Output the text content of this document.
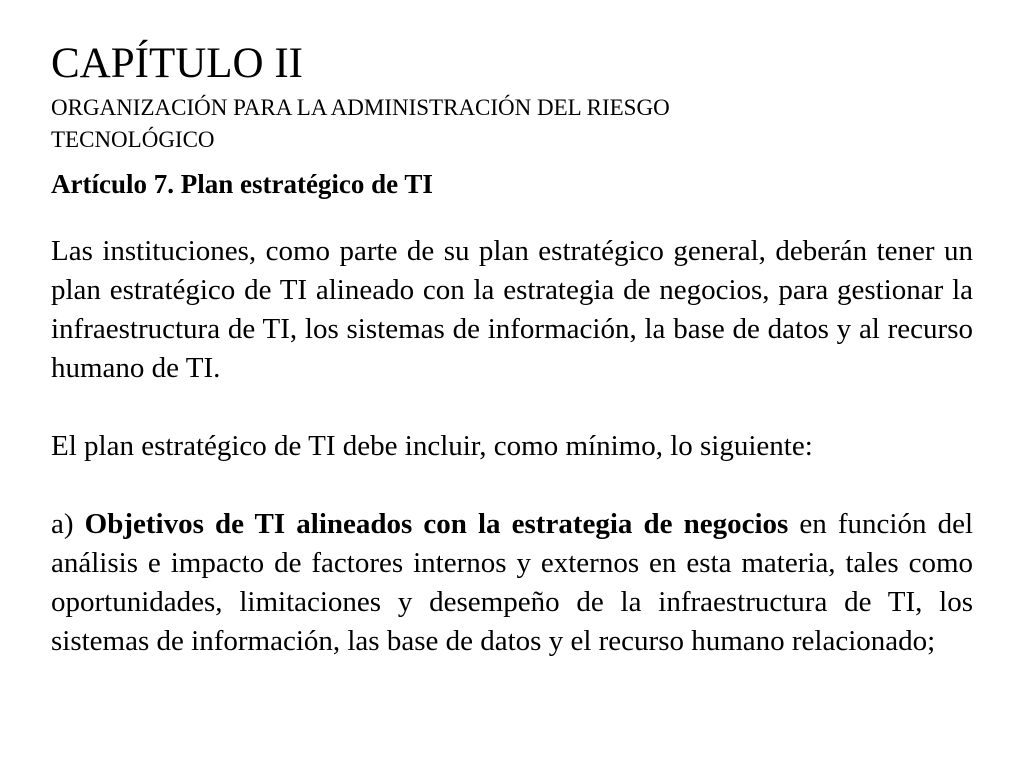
CAPÍTULO II
ORGANIZACIÓN PARA LA ADMINISTRACIÓN DEL RIESGO
TECNOLÓGICO
Artículo 7. Plan estratégico de TI

Las instituciones, como parte de su plan estratégico general, deberán tener un plan estratégico de TI alineado con la estrategia de negocios, para gestionar la infraestructura de TI, los sistemas de información, la base de datos y al recurso humano de TI.

El plan estratégico de TI debe incluir, como mínimo, lo siguiente:

a) Objetivos de TI alineados con la estrategia de negocios en función del análisis e impacto de factores internos y externos en esta materia, tales como oportunidades, limitaciones y desempeño de la infraestructura de TI, los sistemas de información, las base de datos y el recurso humano relacionado;
